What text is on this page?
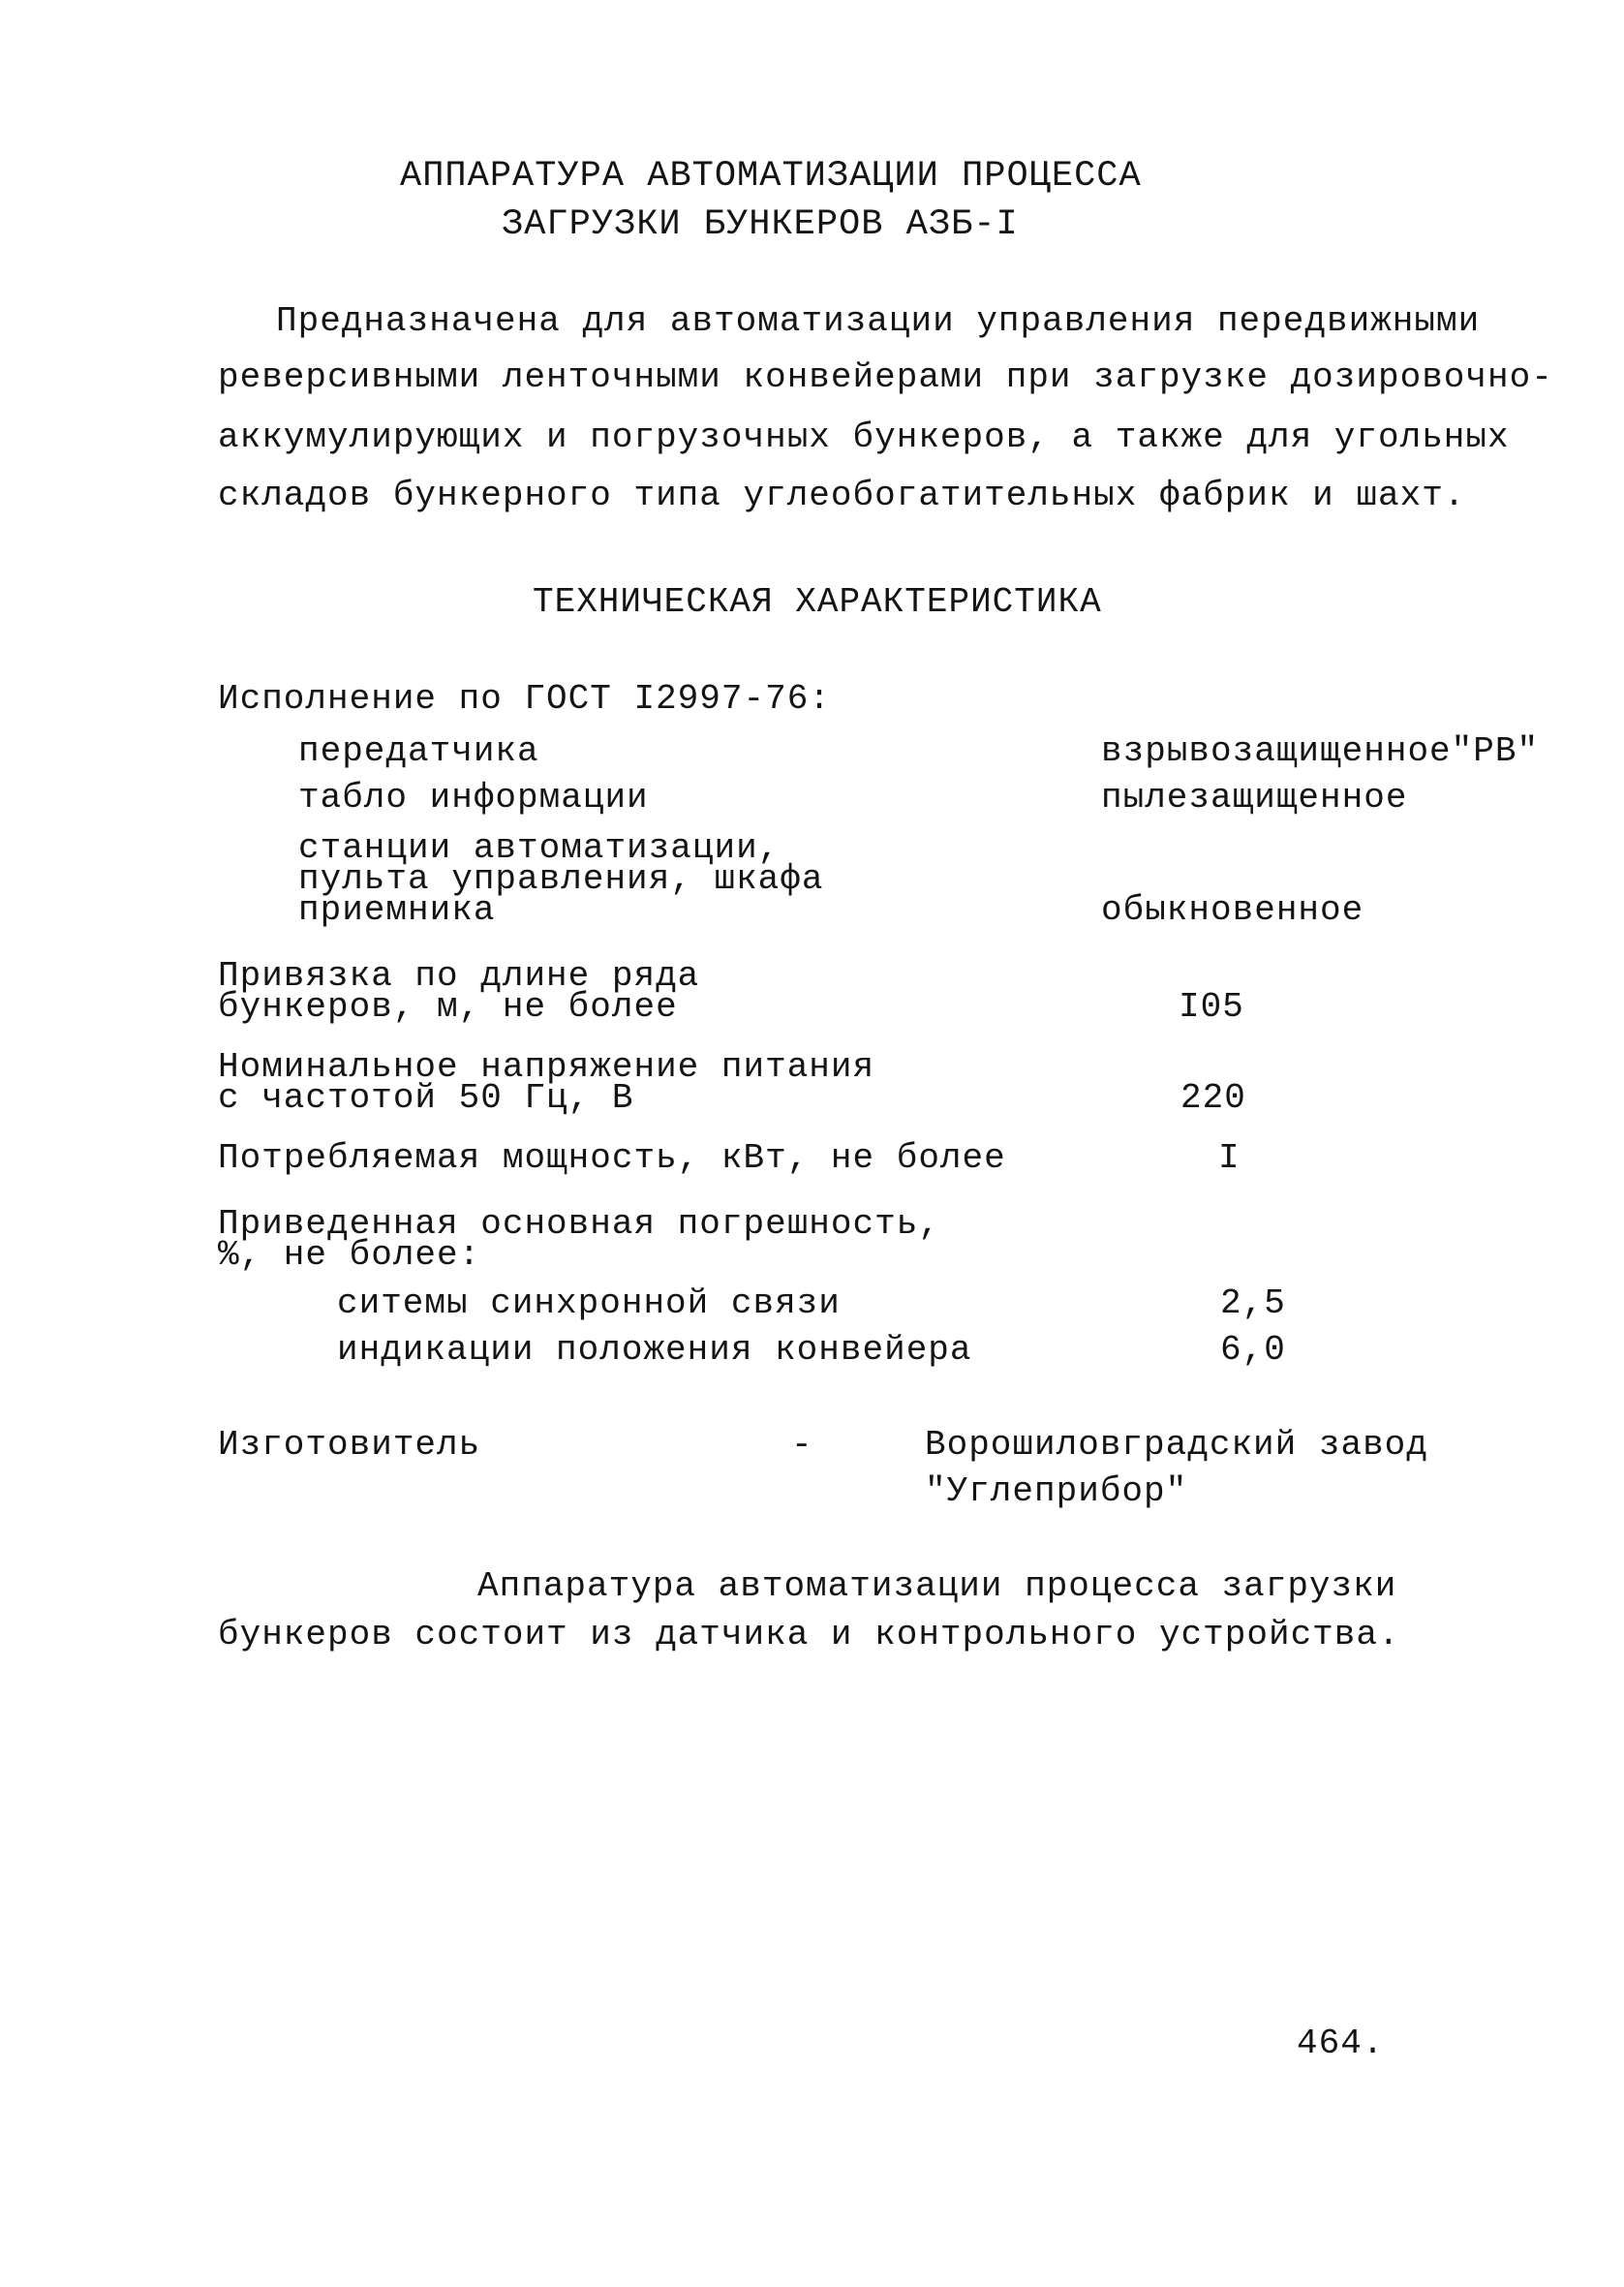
АППАРАТУРА АВТОМАТИЗАЦИИ ПРОЦЕССА
ЗАГРУЗКИ БУНКЕРОВ АЗБ-I
Предназначена для автоматизации управления передвижными
реверсивными ленточными конвейерами при загрузке дозировочно-
аккумулирующих и погрузочных бункеров, а также для угольных
складов бункерного типа углеобогатительных фабрик и шахт.
ТЕХНИЧЕСКАЯ ХАРАКТЕРИСТИКА
Исполнение по ГОСТ I2997-76:
передатчика	взрывозащищенное"РВ"
табло информации	пылезащищенное
станции автоматизации,
пульта управления, шкафа
приемника	обыкновенное
Привязка по длине ряда
бункеров, м, не более	I05
Номинальное напряжение питания
с частотой 50 Гц, В	220
Потребляемая мощность, кВт, не более	I
Приведенная основная погрешность,
%, не более:
ситемы синхронной связи	2,5
индикации положения конвейера	6,0
Изготовитель	-	Ворошиловградский завод
"Углеприбор"
Аппаратура автоматизации процесса загрузки
бункеров состоит из датчика и контрольного устройства.
464.
